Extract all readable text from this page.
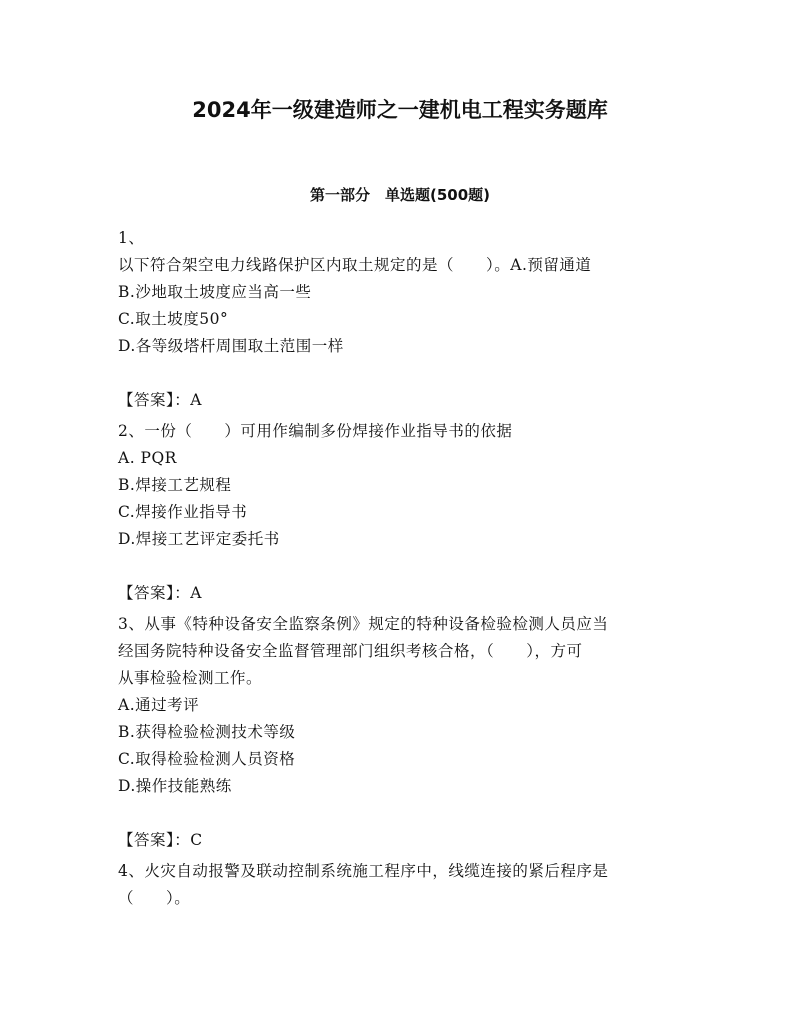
2024年一级建造师之一建机电工程实务题库
第一部分　单选题(500题)
1、
以下符合架空电力线路保护区内取土规定的是（　　）。A.预留通道
B.沙地取土坡度应当高一些
C.取土坡度50°
D.各等级塔杆周围取土范围一样
【答案】：A
2、一份（　　）可用作编制多份焊接作业指导书的依据
A. PQR
B.焊接工艺规程
C.焊接作业指导书
D.焊接工艺评定委托书
【答案】：A
3、从事《特种设备安全监察条例》规定的特种设备检验检测人员应当
经国务院特种设备安全监督管理部门组织考核合格，（　　），方可
从事检验检测工作。
A.通过考评
B.获得检验检测技术等级
C.取得检验检测人员资格
D.操作技能熟练
【答案】：C
4、火灾自动报警及联动控制系统施工程序中，线缆连接的紧后程序是
（　　）。
